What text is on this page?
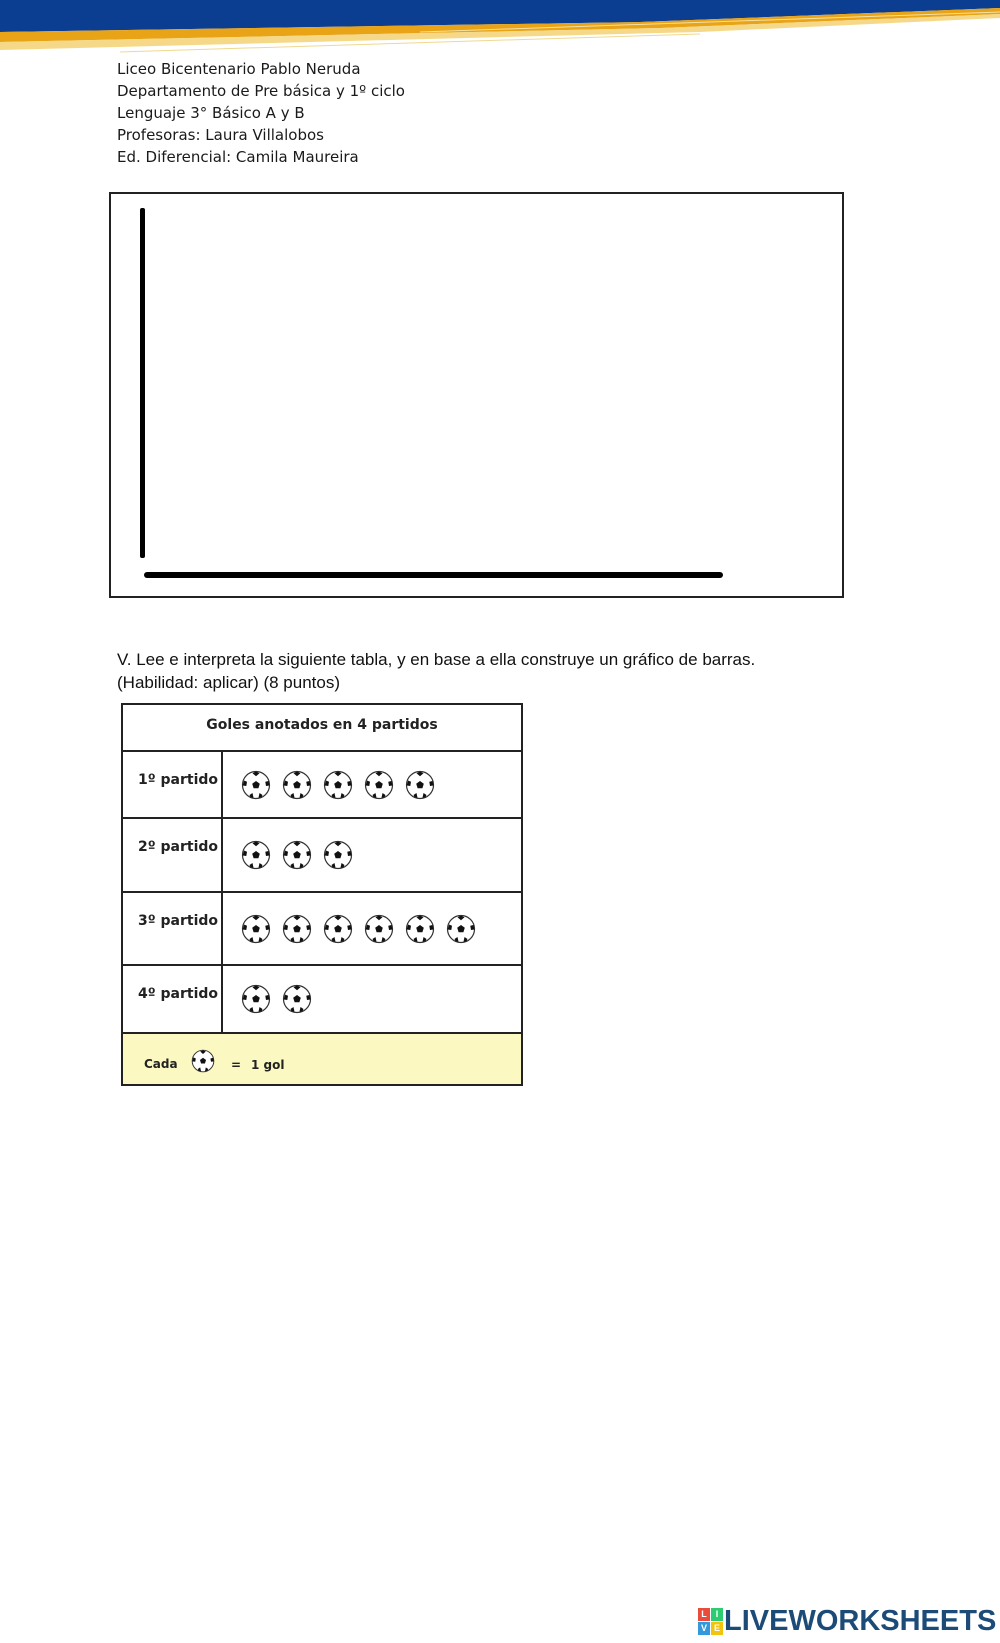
Liceo Bicentenario Pablo Neruda
Departamento de Pre básica y 1º ciclo
Lenguaje 3° Básico A y B
Profesoras: Laura Villalobos
Ed. Diferencial: Camila Maureira
V. Lee e interpreta la siguiente tabla, y en base a ella construye un gráfico de barras.
(Habilidad: aplicar) (8 puntos)
Goles anotados en 4 partidos
1º partido
2º partido
3º partido
4º partido
Cada	= 1 gol
L I
V E LIVEWORKSHEETS
